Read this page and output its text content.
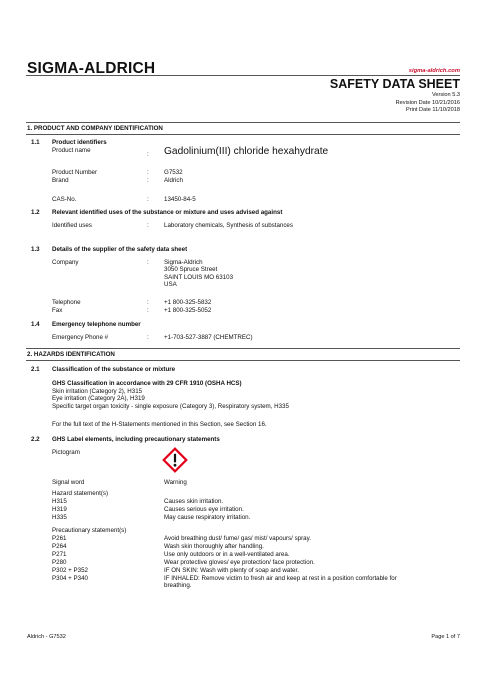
SIGMA-ALDRICH	sigma-aldrich.com
SAFETY DATA SHEET
Version 5.3
Revision Date 10/21/2016
Print Date 11/10/2018
1. PRODUCT AND COMPANY IDENTIFICATION
1.1 Product identifiers
Product name
: Gadolinium(III) chloride hexahydrate
Product Number	: G7532
Brand	: Aldrich
CAS-No.	: 13450-84-5
1.2 Relevant identified uses of the substance or mixture and uses advised against
Identified uses	: Laboratory chemicals, Synthesis of substances
1.3 Details of the supplier of the safety data sheet
Company	: Sigma-Aldrich
3050 Spruce Street
SAINT LOUIS MO 63103
USA
Telephone	: +1 800-325-5832
Fax	: +1 800-325-5052
1.4 Emergency telephone number
Emergency Phone #	: +1-703-527-3887 (CHEMTREC)
2. HAZARDS IDENTIFICATION
2.1 Classification of the substance or mixture
GHS Classification in accordance with 29 CFR 1910 (OSHA HCS)
Skin irritation (Category 2), H315
Eye irritation (Category 2A), H319
Specific target organ toxicity - single exposure (Category 3), Respiratory system, H335
For the full text of the H-Statements mentioned in this Section, see Section 16.
2.2 GHS Label elements, including precautionary statements
Pictogram
Signal word	Warning
Hazard statement(s)
H315	Causes skin irritation.
H319	Causes serious eye irritation.
H335	May cause respiratory irritation.
Precautionary statement(s)
P261	Avoid breathing dust/ fume/ gas/ mist/ vapours/ spray.
P264	Wash skin thoroughly after handling.
P271	Use only outdoors or in a well-ventilated area.
P280	Wear protective gloves/ eye protection/ face protection.
P302 + P352	IF ON SKIN: Wash with plenty of soap and water.
P304 + P340	IF INHALED: Remove victim to fresh air and keep at rest in a position comfortable for breathing.
Aldrich - G7532	Page 1 of 7
